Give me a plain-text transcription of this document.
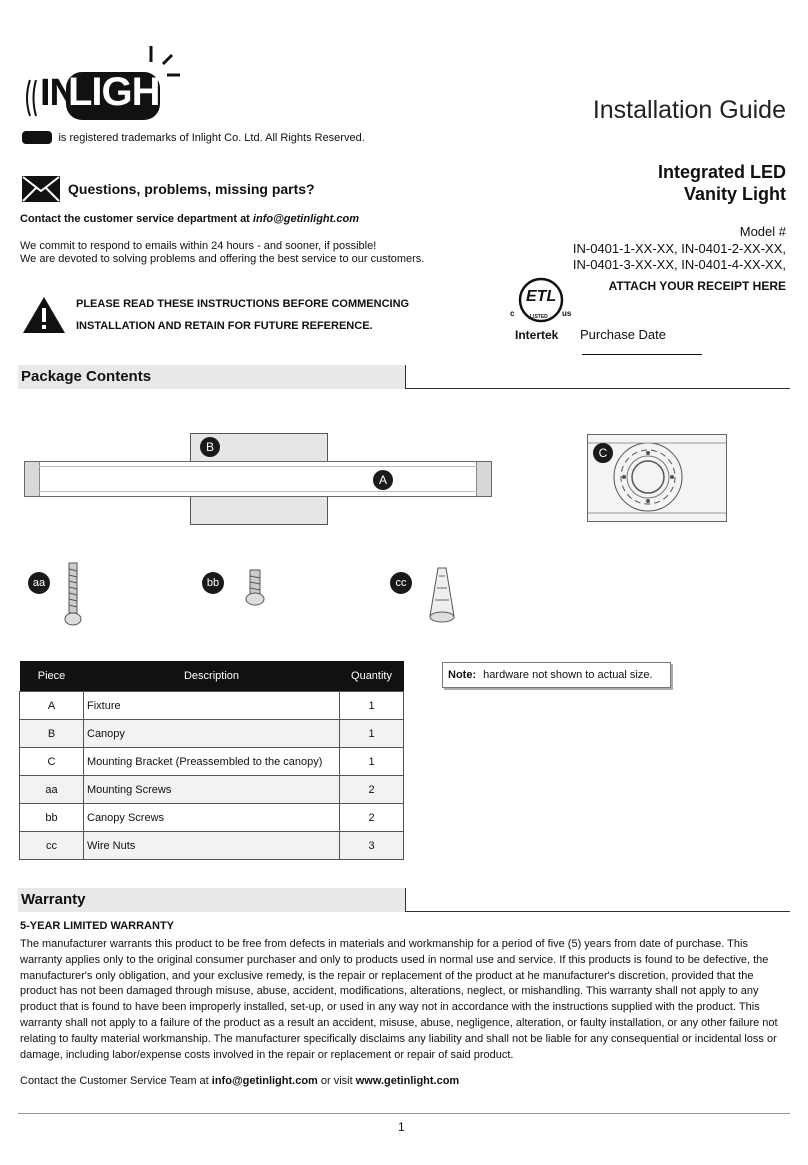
IN
LIGHT
is registered trademarks of Inlight Co. Ltd. All Rights Reserved.
Installation Guide
Integrated LED
Vanity Light
Model #
IN-0401-1-XX-XX, IN-0401-2-XX-XX,
IN-0401-3-XX-XX, IN-0401-4-XX-XX,
ATTACH YOUR RECEIPT HERE
Purchase Date
ETL
c	us
LISTED
Intertek
Questions, problems, missing parts?
Contact the customer service department at info@getinlight.com
We commit to respond to emails within 24 hours - and sooner, if possible!
We are devoted to solving problems and offering the best service to our customers.
PLEASE READ THESE INSTRUCTIONS BEFORE COMMENCING
INSTALLATION AND RETAIN FOR FUTURE REFERENCE.
Package Contents
B
A
C
aa	bb	cc
Piece	Description	Quantity
A	Fixture	1
B	Canopy	1
C	Mounting Bracket (Preassembled to the canopy)	1
aa	Mounting Screws	2
bb	Canopy Screws	2
cc	Wire Nuts	3
Note: hardware not shown to actual size.
Warranty

5-YEAR LIMITED WARRANTY

The manufacturer warrants this product to be free from defects in materials and workmanship for a period of five (5) years from date of purchase. This warranty applies only to the original consumer purchaser and only to products used in normal use and service. If this products is found to be defective, the manufacturer's only obligation, and your exclusive remedy, is the repair or replacement of the product at he manufacturer's discretion, provided that the product has not been damaged through misuse, abuse, accident, modifications, alterations, neglect, or mishandling. This warranty shall not apply to any product that is found to have been improperly installed, set-up, or used in any way not in accordance with the instructions supplied with the product. This warranty shall not apply to a failure of the product as a result an accident, misuse, abuse, negligence, alteration, or faulty installation, or any other failure not relating to faulty material workmanship. The manufacturer specifically disclaims any liability and shall not be liable for any consequential or incidental loss or damage, including labor/expense costs involved in the repair or replacement or repair of said product.

Contact the Customer Service Team at info@getinlight.com or visit www.getinlight.com

1
